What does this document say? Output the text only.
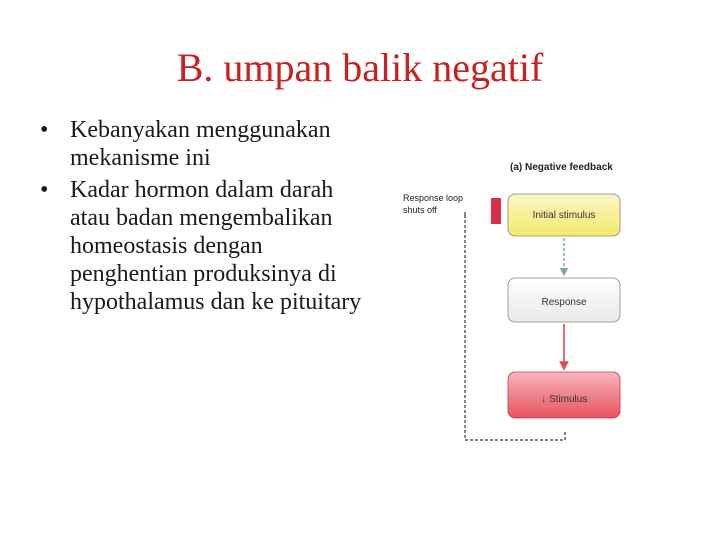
B. umpan balik negatif
• Kebanyakan menggunakan mekanisme ini
• Kadar hormon dalam darah atau badan mengembalikan homeostasis dengan penghentian produksinya di hypothalamus dan ke pituitary
(a) Negative feedback
Response loop
shuts off	Initial stimulus
Response
↓ Stimulus
